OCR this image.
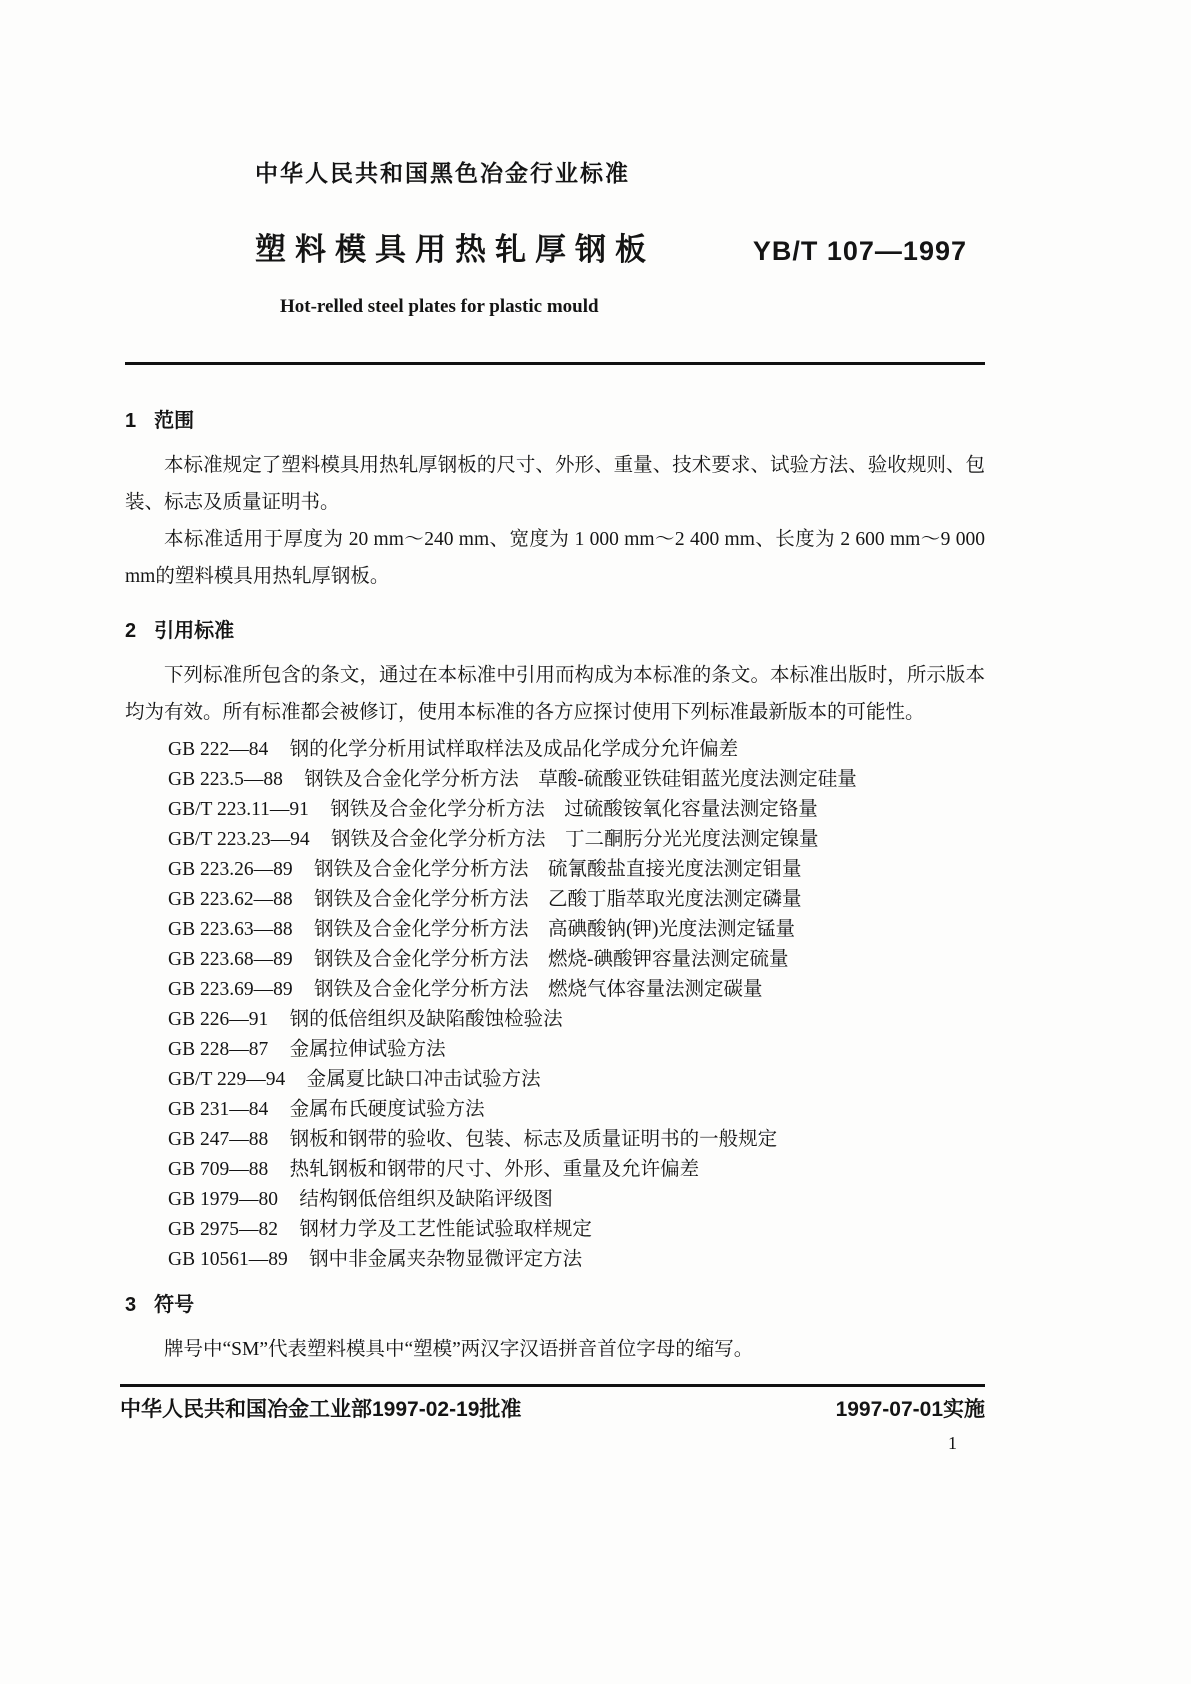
中华人民共和国黑色冶金行业标准
塑料模具用热轧厚钢板	YB/T 107—1997
Hot-relled steel plates for plastic mould
1 范围

本标准规定了塑料模具用热轧厚钢板的尺寸、外形、重量、技术要求、试验方法、验收规则、包装、标志及质量证明书。

本标准适用于厚度为 20 mm～240 mm、宽度为 1 000 mm～2 400 mm、长度为 2 600 mm～9 000 mm的塑料模具用热轧厚钢板。

2 引用标准

下列标准所包含的条文，通过在本标准中引用而构成为本标准的条文。本标准出版时，所示版本均为有效。所有标准都会被修订，使用本标准的各方应探讨使用下列标准最新版本的可能性。

GB 222—84 钢的化学分析用试样取样法及成品化学成分允许偏差
GB 223.5—88 钢铁及合金化学分析方法　草酸-硫酸亚铁硅钼蓝光度法测定硅量
GB/T 223.11—91 钢铁及合金化学分析方法　过硫酸铵氧化容量法测定铬量
GB/T 223.23—94 钢铁及合金化学分析方法　丁二酮肟分光光度法测定镍量
GB 223.26—89 钢铁及合金化学分析方法　硫氰酸盐直接光度法测定钼量
GB 223.62—88 钢铁及合金化学分析方法　乙酸丁脂萃取光度法测定磷量
GB 223.63—88 钢铁及合金化学分析方法　高碘酸钠(钾)光度法测定锰量
GB 223.68—89 钢铁及合金化学分析方法　燃烧-碘酸钾容量法测定硫量
GB 223.69—89 钢铁及合金化学分析方法　燃烧气体容量法测定碳量
GB 226—91 钢的低倍组织及缺陷酸蚀检验法
GB 228—87 金属拉伸试验方法
GB/T 229—94 金属夏比缺口冲击试验方法
GB 231—84 金属布氏硬度试验方法
GB 247—88 钢板和钢带的验收、包装、标志及质量证明书的一般规定
GB 709—88 热轧钢板和钢带的尺寸、外形、重量及允许偏差
GB 1979—80 结构钢低倍组织及缺陷评级图
GB 2975—82 钢材力学及工艺性能试验取样规定
GB 10561—89 钢中非金属夹杂物显微评定方法
3 符号

牌号中“SM”代表塑料模具中“塑模”两汉字汉语拼音首位字母的缩写。

中华人民共和国冶金工业部1997-02-19批准	1997-07-01实施
1
